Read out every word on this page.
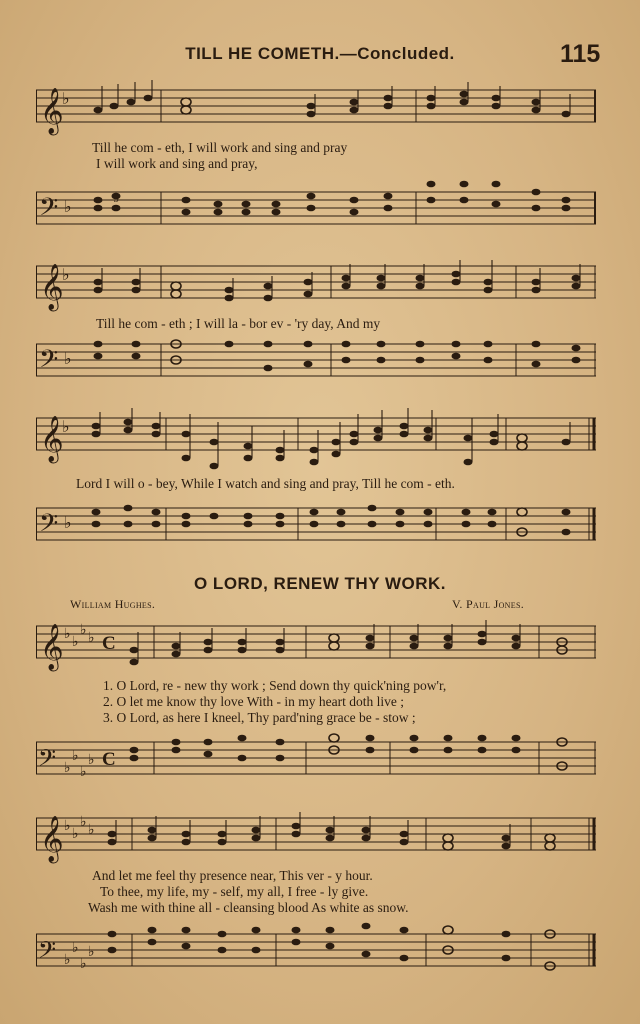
TILL HE COMETH.—Concluded.	115
𝄞
♭
Till he com - eth, I will work and sing and pray
I will work and sing and pray,
𝄢 ♭	3
𝄞
♭
Till he com - eth ; I will la - bor ev - 'ry day, And my
𝄢 ♭
𝄞
♭
Lord I will o - bey, While I watch and sing and pray, Till he com - eth.
𝄢 ♭
O LORD, RENEW THY WORK.
William Hughes.	V. Paul Jones.
𝄞 ♭ ♭
♭ ♭ C
1. O Lord, re - new thy work ; Send down thy quick'ning pow'r,
2. O let me know thy love With - in my heart doth live ;
3. O Lord, as here I kneel, Thy pard'ning grace be - stow ;
𝄢 ♭
♭
♭
♭ C
𝄞 ♭ ♭
♭ ♭
And let me feel thy presence near, This ver - y hour.
To thee, my life, my - self, my all, I free - ly give.
Wash me with thine all - cleansing blood As white as snow.
𝄢 ♭
♭
♭
♭
